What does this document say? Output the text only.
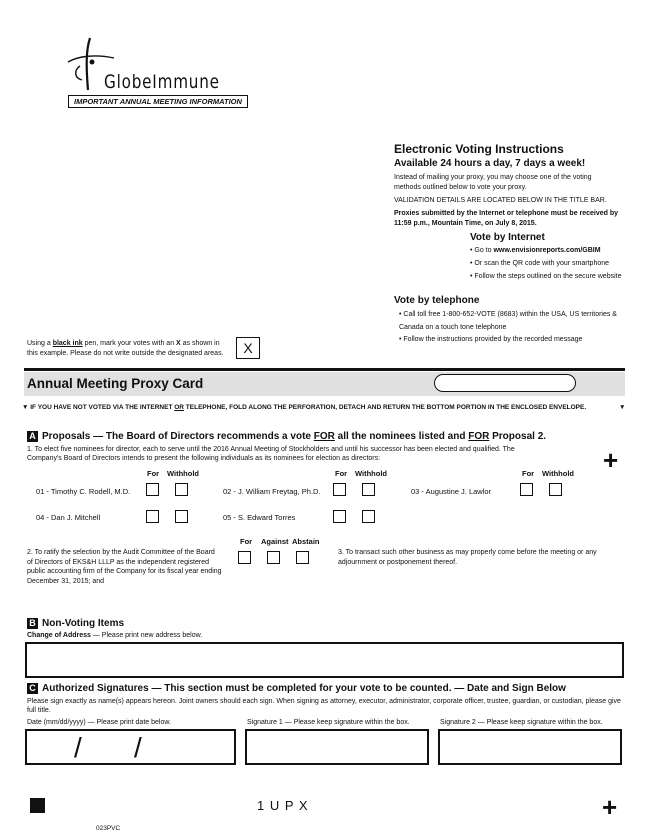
GlobeImmune
IMPORTANT ANNUAL MEETING INFORMATION
Electronic Voting Instructions
Available 24 hours a day, 7 days a week!
Instead of mailing your proxy, you may choose one of the voting methods outlined below to vote your proxy.
VALIDATION DETAILS ARE LOCATED BELOW IN THE TITLE BAR.
Proxies submitted by the Internet or telephone must be received by 11:59 p.m., Mountain Time, on July 8, 2015.
Vote by Internet
• Go to www.envisionreports.com/GBIM
• Or scan the QR code with your smartphone
• Follow the steps outlined on the secure website
Vote by telephone
• Call toll free 1-800-652-VOTE (8683) within the USA, US territories & Canada on a touch tone telephone
• Follow the instructions provided by the recorded message
Using a black ink pen, mark your votes with an X as shown in this example. Please do not write outside the designated areas.	X
Annual Meeting Proxy Card
▼ IF YOU HAVE NOT VOTED VIA THE INTERNET OR TELEPHONE, FOLD ALONG THE PERFORATION, DETACH AND RETURN THE BOTTOM PORTION IN THE ENCLOSED ENVELOPE.	▼
A Proposals — The Board of Directors recommends a vote FOR all the nominees listed and FOR Proposal 2.
1. To elect five nominees for director, each to serve until the 2016 Annual Meeting of Stockholders and until his successor has been elected and qualified. The Company's Board of Directors intends to present the following individuals as its nominees for election as directors:	+
For Withhold	For Withhold	For Withhold
01 - Timothy C. Rodell, M.D.	02 - J. William Freytag, Ph.D.	03 - Augustine J. Lawlor
04 - Dan J. Mitchell	05 - S. Edward Torres
For Against Abstain
2. To ratify the selection by the Audit Committee of the Board of Directors of EKS&H LLLP as the independent registered public accounting firm of the Company for its fiscal year ending December 31, 2015; and
3. To transact such other business as may properly come before the meeting or any adjournment or postponement thereof.
B Non-Voting Items
Change of Address — Please print new address below.
C Authorized Signatures — This section must be completed for your vote to be counted. — Date and Sign Below
Please sign exactly as name(s) appears hereon. Joint owners should each sign. When signing as attorney, executor, administrator, corporate officer, trustee, guardian, or custodian, please give full title.
Date (mm/dd/yyyy) — Please print date below.	Signature 1 — Please keep signature within the box.	Signature 2 — Please keep signature within the box.
/ /
1 U P X	+
023PVC
